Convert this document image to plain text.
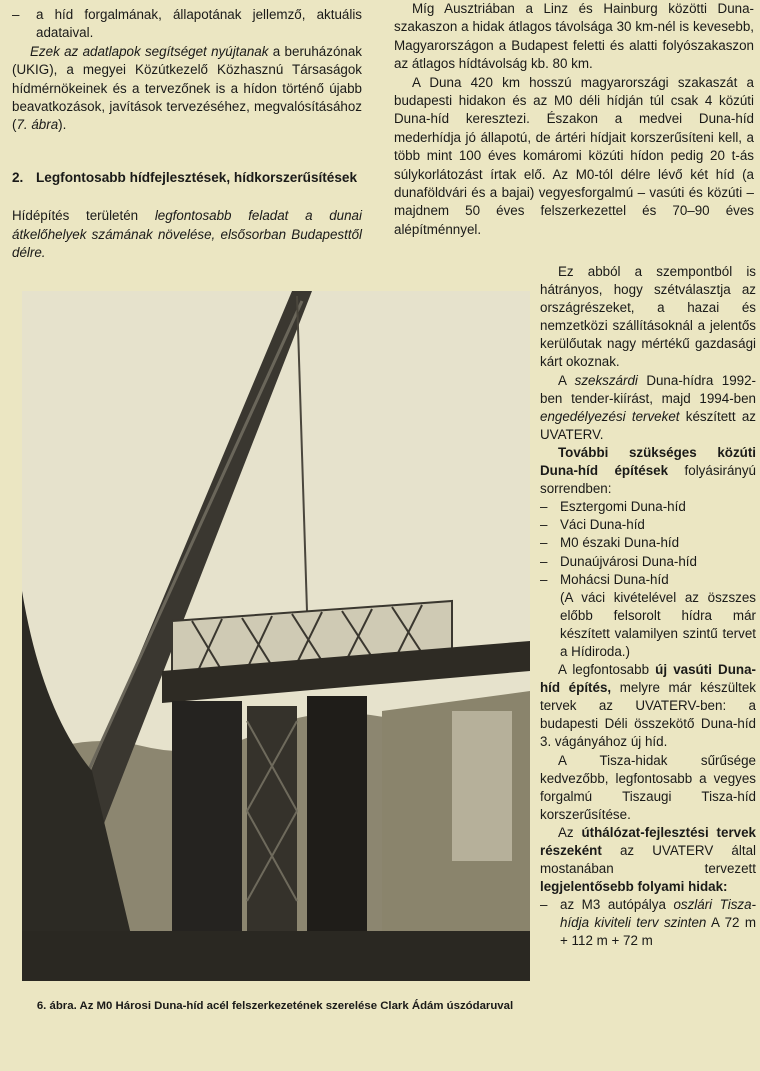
– a híd forgalmának, állapotának jellemző, aktuális adataival.

Ezek az adatlapok segítséget nyújtanak a beruházónak (UKIG), a megyei Közútkezelő Közhasznú Társaságok hídmérnökeinek és a tervezőnek is a hídon történő újabb beavatkozások, javítások tervezéséhez, megvalósításához (7. ábra).

2. Legfontosabb hídfejlesztések, hídkorszerűsítések

Hídépítés területén legfontosabb feladat a dunai átkelőhelyek számának növelése, elsősorban Budapesttől délre.

Míg Ausztriában a Linz és Hainburg közötti Duna-szakaszon a hidak átlagos távolsága 30 km-nél is kevesebb, Magyarországon a Budapest feletti és alatti folyószakaszon az átlagos hídtávolság kb. 80 km.

A Duna 420 km hosszú magyarországi szakaszát a budapesti hidakon és az M0 déli hídján túl csak 4 közúti Duna-híd keresztezi. Északon a medvei Duna-híd mederhídja jó állapotú, de ártéri hídjait korszerűsíteni kell, a több mint 100 éves komáromi közúti hídon pedig 20 t-ás súlykorlátozást írtak elő. Az M0-tól délre lévő két híd (a dunaföldvári és a bajai) vegyesforgalmú – vasúti és közúti – majdnem 50 éves felszerkezettel és 70–90 éves alépítménnyel.

Ez abból a szempontból is hátrányos, hogy szétválasztja az országrészeket, a hazai és nemzetközi szállításoknál a jelentős kerülőutak nagy mértékű gazdasági kárt okoznak.

A szekszárdi Duna-hídra 1992-ben tender-kiírást, majd 1994-ben engedélyezési terveket készített az UVATERV.

További szükséges közúti Duna-híd építések folyásirányú sorrendben:

– Esztergomi Duna-híd

– Váci Duna-híd

– M0 északi Duna-híd

– Dunaújvárosi Duna-híd

– Mohácsi Duna-híd

(A váci kivételével az öszszes előbb felsorolt hídra már készített valamilyen szintű tervet a Hídiroda.)

A legfontosabb új vasúti Duna-híd építés, melyre már készültek tervek az UVATERV-ben: a budapesti Déli összekötő Duna-híd 3. vágányához új híd.

A Tisza-hidak sűrűsége kedvezőbb, legfontosabb a vegyes forgalmú Tiszaugi Tisza-híd korszerűsítése.

Az úthálózat-fejlesztési tervek részeként az UVATERV által mostanában tervezett legjelentősebb folyami hidak:

– az M3 autópálya oszlári Tisza-hídja kiviteli terv szinten A 72 m + 112 m + 72 m

6. ábra. Az M0 Hárosi Duna-híd acél felszerkezetének szerelése Clark Ádám úszódaruval
